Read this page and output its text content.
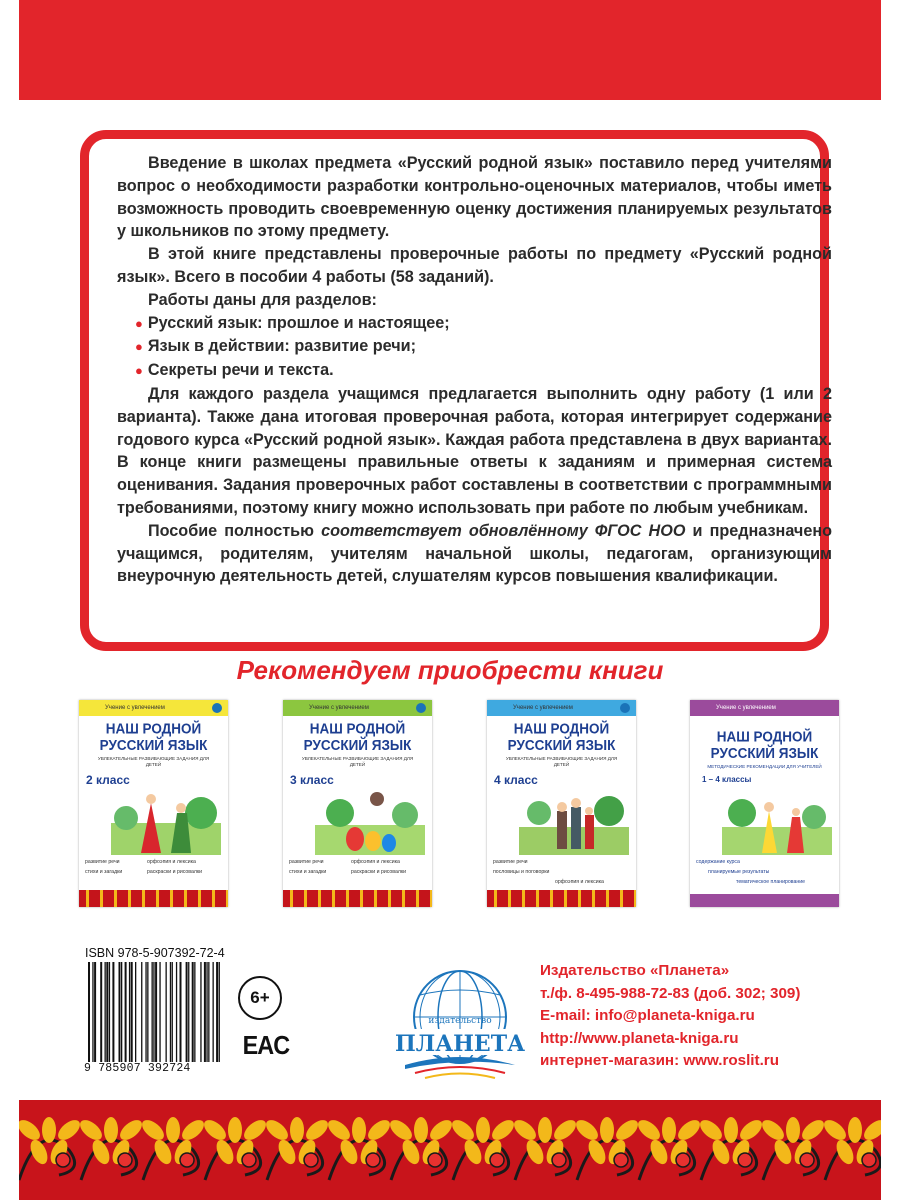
Введение в школах предмета «Русский родной язык» поставило перед учителями вопрос о необходимости разработки контрольно-оценочных материалов, чтобы иметь возможность проводить своевременную оценку достижения планируемых результатов у школьников по этому предмету.

В этой книге представлены проверочные работы по предмету «Русский родной язык». Всего в пособии 4 работы (58 заданий).

Работы даны для разделов:

● Русский язык: прошлое и настоящее;

● Язык в действии: развитие речи;

● Секреты речи и текста.

Для каждого раздела учащимся предлагается выполнить одну работу (1 или 2 варианта). Также дана итоговая проверочная работа, которая интегрирует содержание годового курса «Русский родной язык». Каждая работа представлена в двух вариантах. В конце книги размещены правильные ответы к заданиям и примерная система оценивания. Задания проверочных работ составлены в соответствии с программными требованиями, поэтому книгу можно использовать при работе по любым учебникам.

Пособие полностью соответствует обновлённому ФГОС НОО и предназначено учащимся, родителям, учителям начальной школы, педагогам, организующим внеурочную деятельность детей, слушателям курсов повышения квалификации.

Рекомендуем приобрести книги
Учение с увлечением
НАШ РОДНОЙ РУССКИЙ ЯЗЫК
УВЛЕКАТЕЛЬНЫЕ РАЗВИВАЮЩИЕ ЗАДАНИЯ ДЛЯ ДЕТЕЙ
2 класс
развитие речи
стихи и загадки
орфоэпия и лексика
раскраски и рисовалки
Учение с увлечением
НАШ РОДНОЙ РУССКИЙ ЯЗЫК
УВЛЕКАТЕЛЬНЫЕ РАЗВИВАЮЩИЕ ЗАДАНИЯ ДЛЯ ДЕТЕЙ
3 класс
развитие речи
стихи и загадки
орфоэпия и лексика
раскраски и рисовалки
Учение с увлечением
НАШ РОДНОЙ РУССКИЙ ЯЗЫК
УВЛЕКАТЕЛЬНЫЕ РАЗВИВАЮЩИЕ ЗАДАНИЯ ДЛЯ ДЕТЕЙ
4 класс
развитие речи
пословицы и поговорки
орфоэпия и лексика
Учение с увлечением
НАШ РОДНОЙ РУССКИЙ ЯЗЫК
МЕТОДИЧЕСКИЕ РЕКОМЕНДАЦИИ ДЛЯ УЧИТЕЛЕЙ
1 – 4 классы
содержание курса
планируемые результаты
тематическое планирование
ISBN 978-5-907392-72-4
9 785907 392724
6+
EAC
издательство
ПЛАНЕТА
Издательство «Планета»
т./ф. 8-495-988-72-83 (доб. 302; 309)
E-mail: info@planeta-kniga.ru
http://www.planeta-kniga.ru
интернет-магазин: www.roslit.ru
